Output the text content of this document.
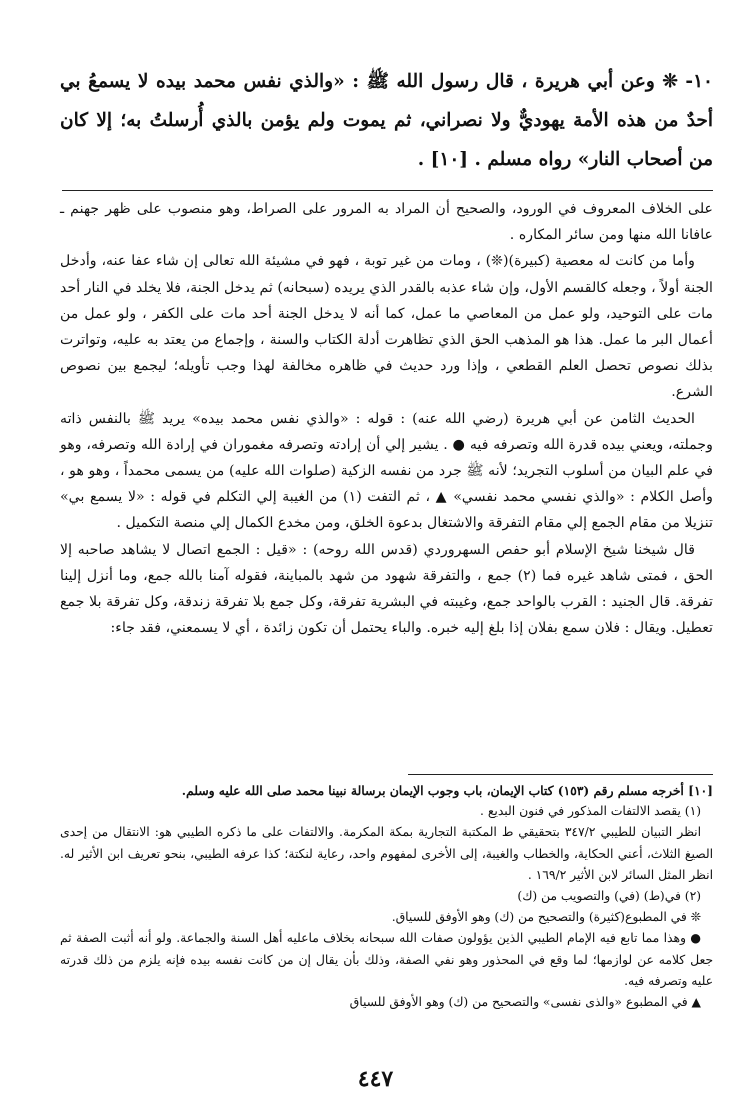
١٠- ❊ وعن أبي هريرة ، قال رسول الله ﷺ : «والذي نفس محمد بيده لا يسمعُ بي أحدٌ من هذه الأمة يهوديٌّ ولا نصراني، ثم يموت ولم يؤمن بالذي أُرسلتُ به؛ إلا كان من أصحاب النار» رواه مسلم . [١٠] .

على الخلاف المعروف في الورود، والصحيح أن المراد به المرور على الصراط، وهو منصوب على ظهر جهنم ـ عافانا الله منها ومن سائر المكاره .

وأما من كانت له معصية (كبيرة)(❊) ، ومات من غير توبة ، فهو في مشيئة الله تعالى إن شاء عفا عنه، وأدخل الجنة أولاً ، وجعله كالقسم الأول، وإن شاء عذبه بالقدر الذي يريده (سبحانه) ثم يدخل الجنة، فلا يخلد في النار أحد مات على التوحيد، ولو عمل من المعاصي ما عمل، كما أنه لا يدخل الجنة أحد مات على الكفر ، ولو عمل من أعمال البر ما عمل. هذا هو المذهب الحق الذي تظاهرت أدلة الكتاب والسنة ، وإجماع من يعتد به عليه، وتواترت بذلك نصوص تحصل العلم القطعي ، وإذا ورد حديث في ظاهره مخالفة لهذا وجب تأويله؛ ليجمع بين نصوص الشرع.

الحديث الثامن عن أبي هريرة (رضي الله عنه) : قوله : «والذي نفس محمد بيده» يريد ﷺ بالنفس ذاته وجملته، ويعني بيده قدرة الله وتصرفه فيه ● . يشير إلي أن إرادته وتصرفه مغموران في إرادة الله وتصرفه، وهو في علم البيان من أسلوب التجريد؛ لأنه ﷺ جرد من نفسه الزكية (صلوات الله عليه) من يسمى محمداً ، وهو هو ، وأصل الكلام : «والذي نفسي محمد نفسي» ▲ ، ثم التفت (١) من الغيبة إلي التكلم في قوله : «لا يسمع بي» تنزيلا من مقام الجمع إلي مقام التفرقة والاشتغال بدعوة الخلق، ومن مخدع الكمال إلي منصة التكميل .

قال شيخنا شيخ الإسلام أبو حفص السهروردي (قدس الله روحه) : «قيل : الجمع اتصال لا يشاهد صاحبه إلا الحق ، فمتى شاهد غيره فما (٢) جمع ، والتفرقة شهود من شهد بالمباينة، فقوله آمنا بالله جمع، وما أنزل إلينا تفرقة. قال الجنيد : القرب بالواحد جمع، وغيبته في البشرية تفرقة، وكل جمع بلا تفرقة زندقة، وكل تفرقة بلا جمع تعطيل. ويقال : فلان سمع بفلان إذا بلغ إليه خبره. والباء يحتمل أن تكون زائدة ، أي لا يسمعني، فقد جاء:

[١٠] أخرجه مسلم رقم (١٥٣) كتاب الإيمان، باب وجوب الإيمان برسالة نبينا محمد صلى الله عليه وسلم.

(١) يقصد الالتفات المذكور في فنون البديع .

انظر التبيان للطيبي ٣٤٧/٢ بتحقيقي ط المكتبة التجارية بمكة المكرمة. والالتفات على ما ذكره الطيبي هو: الانتقال من إحدى الصيغ الثلاث، أعني الحكاية، والخطاب والغيبة، إلى الأخرى لمفهوم واحد، رعاية لنكتة؛ كذا عرفه الطيبي، بنحو تعريف ابن الأثير له. انظر المثل السائر لابن الأثير ١٦٩/٢ .

(٢) في(ط) (في) والتصويب من (ك)

❊ في المطبوع(كثيرة) والتصحيح من (ك) وهو الأوفق للسياق.

● وهذا مما تابع فيه الإمام الطيبي الذين يؤولون صفات الله سبحانه بخلاف ماعليه أهل السنة والجماعة. ولو أنه أثبت الصفة ثم جعل كلامه عن لوازمها؛ لما وقع في المحذور وهو نفي الصفة، وذلك بأن يقال إن من كانت نفسه بيده فإنه يلزم من ذلك قدرته عليه وتصرفه فيه.

▲ في المطبوع «والذى نفسى» والتصحيح من (ك) وهو الأوفق للسياق

٤٤٧
